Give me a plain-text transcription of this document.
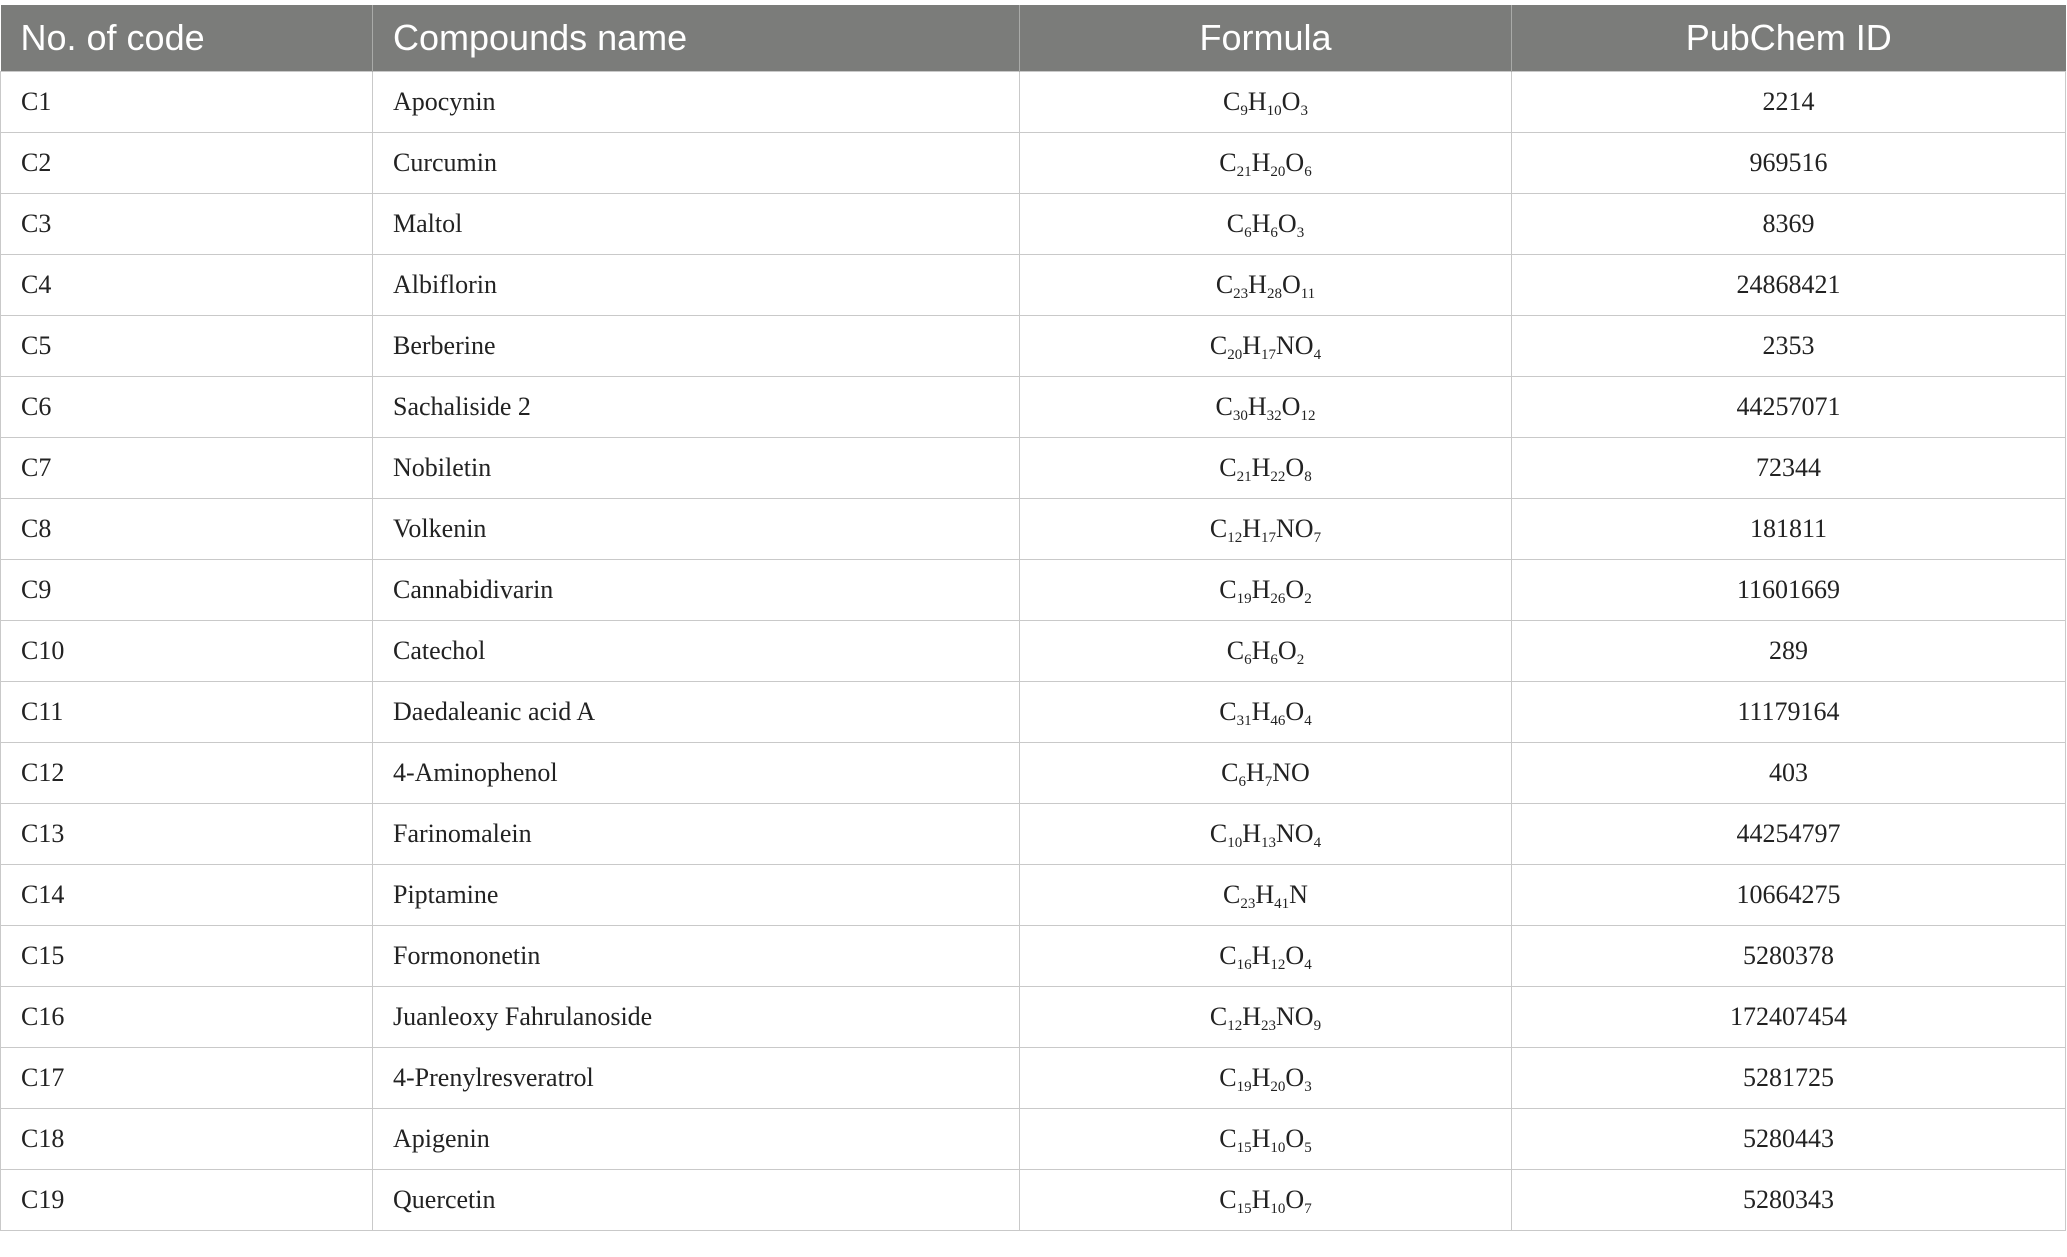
No. of code	Compounds name	Formula	PubChem ID
C1	Apocynin	$C_9H_{10}O_3$	2214
C2	Curcumin	$C_{21}H_{20}O_6$	969516
C3	Maltol	$C_6H_6O_3$	8369
C4	Albiflorin	$C_{23}H_{28}O_{11}$	24868421
C5	Berberine	$C_{20}H_{17}NO_4$	2353
C6	Sachaliside 2	$C_{30}H_{32}O_{12}$	44257071
C7	Nobiletin	$C_{21}H_{22}O_8$	72344
C8	Volkenin	$C_{12}H_{17}NO_7$	181811
C9	Cannabidivarin	$C_{19}H_{26}O_2$	11601669
C10	Catechol	$C_6H_6O_2$	289
C11	Daedaleanic acid A	$C_{31}H_{46}O_4$	11179164
C12	4-Aminophenol	$C_6H_7NO$	403
C13	Farinomalein	$C_{10}H_{13}NO_4$	44254797
C14	Piptamine	$C_{23}H_{41}N$	10664275
C15	Formononetin	$C_{16}H_{12}O_4$	5280378
C16	Juanleoxy Fahrulanoside	$C_{12}H_{23}NO_9$	172407454
C17	4-Prenylresveratrol	$C_{19}H_{20}O_3$	5281725
C18	Apigenin	$C_{15}H_{10}O_5$	5280443
C19	Quercetin	$C_{15}H_{10}O_7$	5280343
